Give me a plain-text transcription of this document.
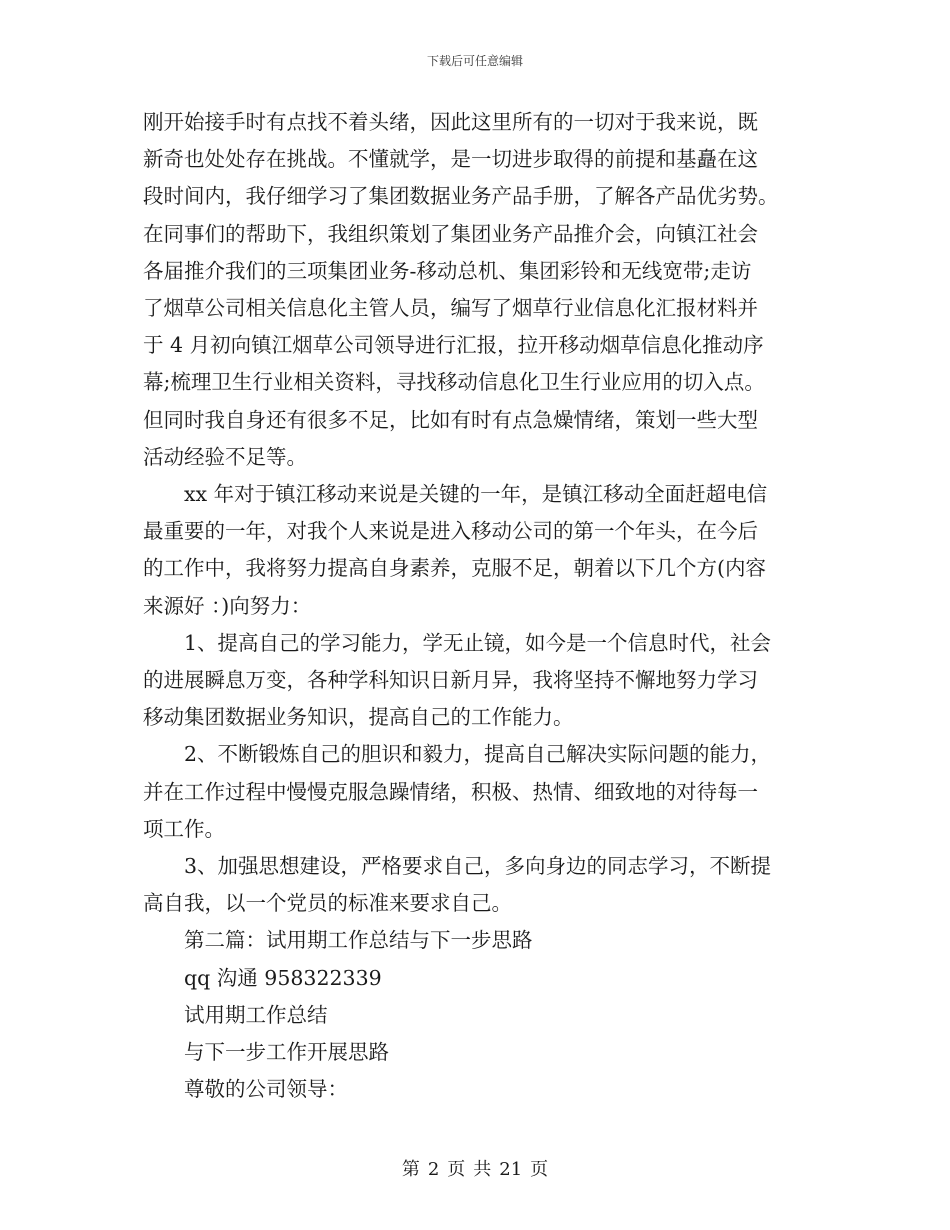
下载后可任意编辑

刚开始接手时有点找不着头绪，因此这里所有的一切对于我来说，既

新奇也处处存在挑战。不懂就学，是一切进步取得的前提和基矗在这

段时间内，我仔细学习了集团数据业务产品手册，了解各产品优劣势。

在同事们的帮助下，我组织策划了集团业务产品推介会，向镇江社会

各届推介我们的三项集团业务-移动总机、集团彩铃和无线宽带;走访

了烟草公司相关信息化主管人员，编写了烟草行业信息化汇报材料并

于 4 月初向镇江烟草公司领导进行汇报，拉开移动烟草信息化推动序

幕;梳理卫生行业相关资料，寻找移动信息化卫生行业应用的切入点。

但同时我自身还有很多不足，比如有时有点急燥情绪，策划一些大型

活动经验不足等。

xx 年对于镇江移动来说是关键的一年，是镇江移动全面赶超电信

最重要的一年，对我个人来说是进入移动公司的第一个年头，在今后

的工作中，我将努力提高自身素养，克服不足，朝着以下几个方(内容

来源好 ：)向努力：

1、提高自己的学习能力，学无止镜，如今是一个信息时代，社会

的进展瞬息万变，各种学科知识日新月异，我将坚持不懈地努力学习

移动集团数据业务知识，提高自己的工作能力。

2、不断锻炼自己的胆识和毅力，提高自己解决实际问题的能力，

并在工作过程中慢慢克服急躁情绪，积极、热情、细致地的对待每一

项工作。

3、加强思想建设，严格要求自己，多向身边的同志学习，不断提

高自我，以一个党员的标准来要求自己。

第二篇：试用期工作总结与下一步思路

qq 沟通 958322339

试用期工作总结

与下一步工作开展思路

尊敬的公司领导：

第 2 页 共 21 页
